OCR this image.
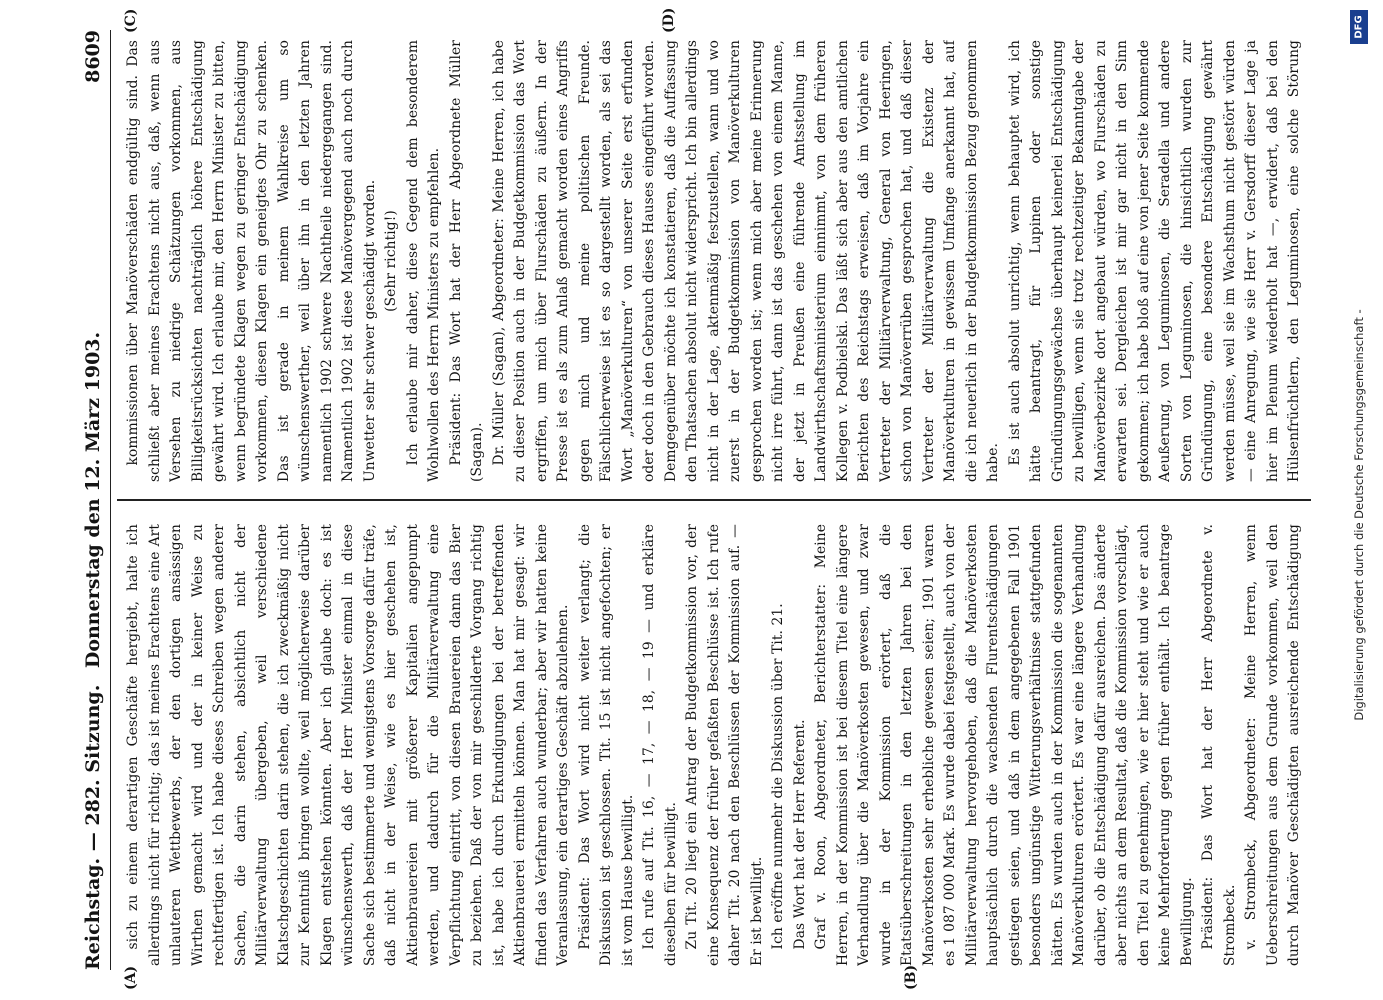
Reichstag. — 282. Sitzung.
Donnerstag den 12. März 1903.
8609
(A)	(B)
(C)	(D)

sich zu einem derartigen Geschäfte hergiebt, halte ich allerdings nicht für richtig; das ist meines Erachtens eine Art unlauteren Wettbewerbs, der den dortigen ansässigen Wirthen gemacht wird und der in keiner Weise zu rechtfertigen ist. Ich habe dieses Schreiben wegen anderer Sachen, die darin stehen, absichtlich nicht der Militärverwaltung übergeben, weil verschiedene Klatschgeschichten darin stehen, die ich zweckmäßig nicht zur Kenntniß bringen wollte, weil möglicherweise darüber Klagen entstehen könnten. Aber ich glaube doch: es ist wünschenswerth, daß der Herr Minister einmal in diese Sache sich bestimmerte und wenigstens Vorsorge dafür träfe, daß nicht in der Weise, wie es hier geschehen ist, Aktienbrauereien mit größerer Kapitalien angepumpt werden, und dadurch für die Militärverwaltung eine Verpflichtung eintritt, von diesen Brauereien dann das Bier zu beziehen. Daß der von mir geschilderte Vorgang richtig ist, habe ich durch Erkundigungen bei der betreffenden Aktienbrauerei ermitteln können. Man hat mir gesagt: wir finden das Verfahren auch wunderbar; aber wir hatten keine Veranlassung, ein derartiges Geschäft abzulehnen. Präsident: Das Wort wird nicht weiter verlangt; die Diskussion ist geschlossen. Tit. 15 ist nicht angefochten; er ist vom Hause bewilligt. Ich rufe auf Tit. 16, — 17, — 18, — 19 — und erkläre dieselben für bewilligt. Zu Tit. 20 liegt ein Antrag der Budgetkommission vor, der eine Konsequenz der früher gefaßten Beschlüsse ist. Ich rufe daher Tit. 20 nach den Beschlüssen der Kommission auf. — Er ist bewilligt. Ich eröffne nunmehr die Diskussion über Tit. 21. Das Wort hat der Herr Referent. Graf v. Roon, Abgeordneter, Berichterstatter: Meine Herren, in der Kommission ist bei diesem Titel eine längere Verhandlung über die Manöverkosten gewesen, und zwar wurde in der Kommission erörtert, daß die Etatsüberschreitungen in den letzten Jahren bei den Manöverkosten sehr erhebliche gewesen seien; 1901 waren es 1 087 000 Mark. Es wurde dabei festgestellt, auch von der Militärverwaltung hervorgehoben, daß die Manöverkosten hauptsächlich durch die wachsenden Flurentschädigungen gestiegen seien, und daß in dem angegebenen Fall 1901 besonders ungünstige Witterungsverhältnisse stattgefunden hätten. Es wurden auch in der Kommission die sogenannten Manöverkulturen erörtert. Es war eine längere Verhandlung darüber, ob die Entschädigung dafür ausreichen. Das änderte aber nichts an dem Resultat, daß die Kommission vorschlägt, den Titel zu genehmigen, wie er hier steht und wie er auch keine Mehrforderung gegen früher enthält. Ich beantrage Bewilligung. Präsident: Das Wort hat der Herr Abgeordnete v. Strombeck. v. Strombeck, Abgeordneter: Meine Herren, wenn Ueberschreitungen aus dem Grunde vorkommen, weil den durch Manöver Geschädigten ausreichende Entschädigung

kommissionen über Manöverschäden endgültig sind. Das schließt aber meines Erachtens nicht aus, daß, wenn aus Versehen zu niedrige Schätzungen vorkommen, aus Billigkeitsrücksichten nachträglich höhere Entschädigung gewährt wird. Ich erlaube mir, den Herrn Minister zu bitten, wenn begründete Klagen wegen zu geringer Entschädigung vorkommen, diesen Klagen ein geneigtes Ohr zu schenken. Das ist gerade in meinem Wahlkreise um so wünschenswerther, weil über ihn in den letzten Jahren namentlich 1902 schwere Nachtheile niedergegangen sind. Namentlich 1902 ist diese Manövergegend auch noch durch Unwetter sehr schwer geschädigt worden. (Sehr richtig!) Ich erlaube mir daher, diese Gegend dem besonderem Wohlwollen des Herrn Ministers zu empfehlen. Präsident: Das Wort hat der Herr Abgeordnete Müller (Sagan). Dr. Müller (Sagan), Abgeordneter: Meine Herren, ich habe zu dieser Position auch in der Budgetkommission das Wort ergriffen, um mich über Flurschäden zu äußern. In der Presse ist es als zum Anlaß gemacht worden eines Angriffs gegen mich und meine politischen Freunde. Fälschlicherweise ist es so dargestellt worden, als sei das Wort „Manöverkulturen“ von unserer Seite erst erfunden oder doch in den Gebrauch dieses Hauses eingeführt worden. Demgegenüber möchte ich konstatieren, daß die Auffassung den Thatsachen absolut nicht widerspricht. Ich bin allerdings nicht in der Lage, aktenmäßig festzustellen, wann und wo zuerst in der Budgetkommission von Manöverkulturen gesprochen worden ist; wenn mich aber meine Erinnerung nicht irre führt, dann ist das geschehen von einem Manne, der jetzt in Preußen eine führende Amtsstellung im Landwirthschaftsministerium einnimmt, von dem früheren Kollegen v. Podbielski. Das läßt sich aber aus den amtlichen Berichten des Reichstags erweisen, daß im Vorjahre ein Vertreter der Militärverwaltung, General von Heeringen, schon von Manöverrüben gesprochen hat, und daß dieser Vertreter der Militärverwaltung die Existenz der Manöverkulturen in gewissem Umfange anerkannt hat, auf die ich neuerlich in der Budgetkommission Bezug genommen habe. Es ist auch absolut unrichtig, wenn behauptet wird, ich hätte beantragt, für Lupinen oder sonstige Gründüngungsgewächse überhaupt keinerlei Entschädigung zu bewilligen, wenn sie trotz rechtzeitiger Bekanntgabe der Manöverbezirke dort angebaut würden, wo Flurschäden zu erwarten sei. Dergleichen ist mir gar nicht in den Sinn gekommen; ich habe bloß auf eine von jener Seite kommende Aeußerung, von Leguminosen, die Seradella und andere Sorten von Leguminosen, die hinsichtlich wurden zur Gründüngung, eine besondere Entschädigung gewährt werden müsse, weil sie im Wachsthum nicht gestört würden — eine Anregung, wie sie Herr v. Gersdorff dieser Lage ja hier im Plenum wiederholt hat —, erwidert, daß bei den Hülsenfrüchtlern, den Leguminosen, eine solche Störung

DFG
Digitalisierung gefördert durch die Deutsche Forschungsgemeinschaft -
